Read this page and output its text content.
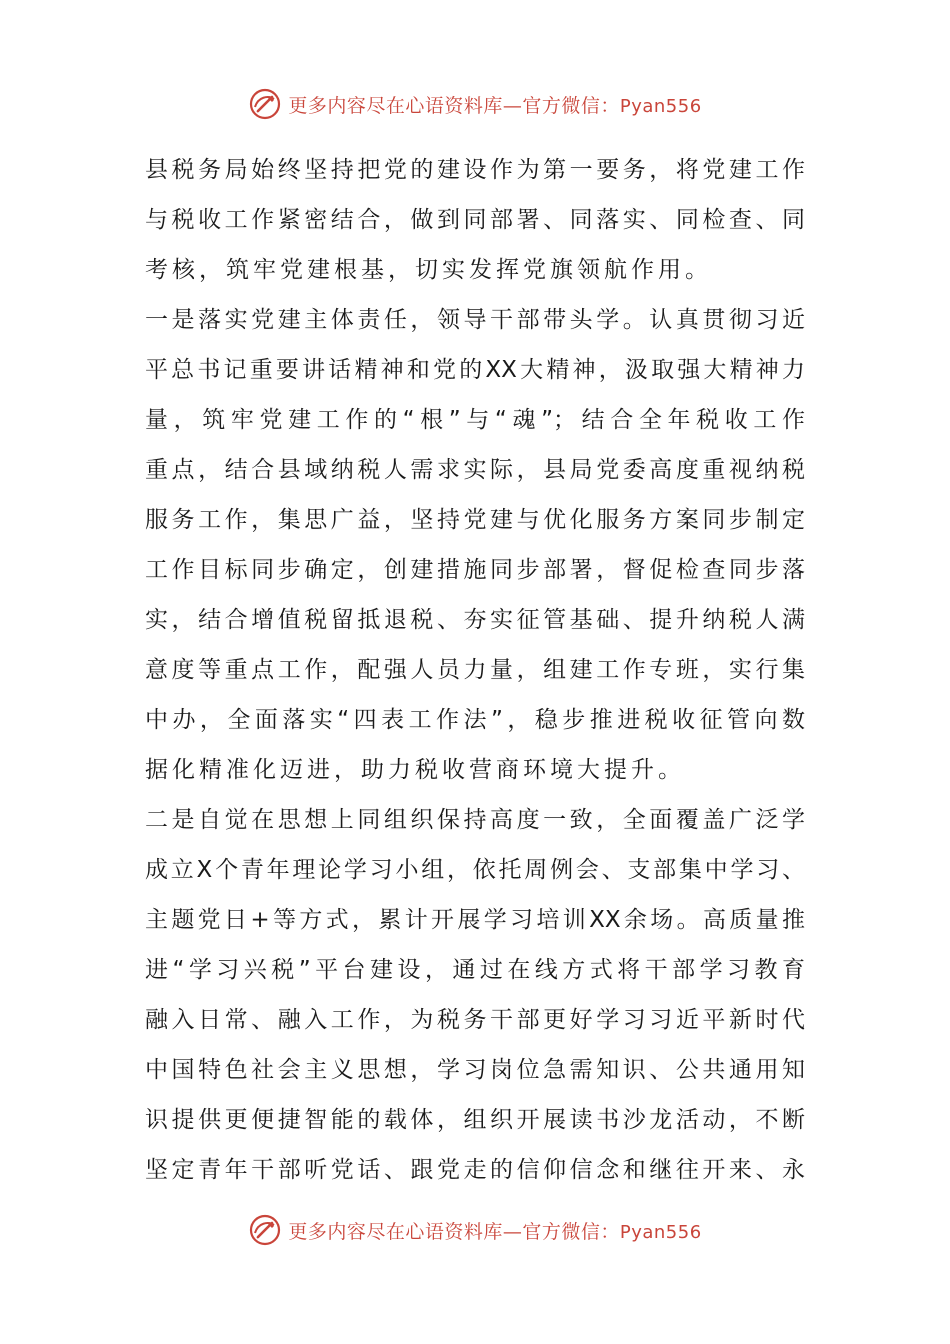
更多内容尽在心语资料库—官方微信：Pyan556
县税务局始终坚持把党的建设作为第一要务，将党建工作
与税收工作紧密结合，做到同部署、同落实、同检查、同
考核，筑牢党建根基，切实发挥党旗领航作用。
一是落实党建主体责任，领导干部带头学。认真贯彻习近
平总书记重要讲话精神和党的XX大精神，汲取强大精神力
量，筑牢党建工作的“根”与“魂”；结合全年税收工作
重点，结合县域纳税人需求实际，县局党委高度重视纳税
服务工作，集思广益，坚持党建与优化服务方案同步制定
工作目标同步确定，创建措施同步部署，督促检查同步落
实，结合增值税留抵退税、夯实征管基础、提升纳税人满
意度等重点工作，配强人员力量，组建工作专班，实行集
中办，全面落实“四表工作法”，稳步推进税收征管向数
据化精准化迈进，助力税收营商环境大提升。
二是自觉在思想上同组织保持高度一致，全面覆盖广泛学
成立X个青年理论学习小组，依托周例会、支部集中学习、
主题党日+等方式，累计开展学习培训XX余场。高质量推
进“学习兴税”平台建设，通过在线方式将干部学习教育
融入日常、融入工作，为税务干部更好学习习近平新时代
中国特色社会主义思想，学习岗位急需知识、公共通用知
识提供更便捷智能的载体，组织开展读书沙龙活动，不断
坚定青年干部听党话、跟党走的信仰信念和继往开来、永
更多内容尽在心语资料库—官方微信：Pyan556
